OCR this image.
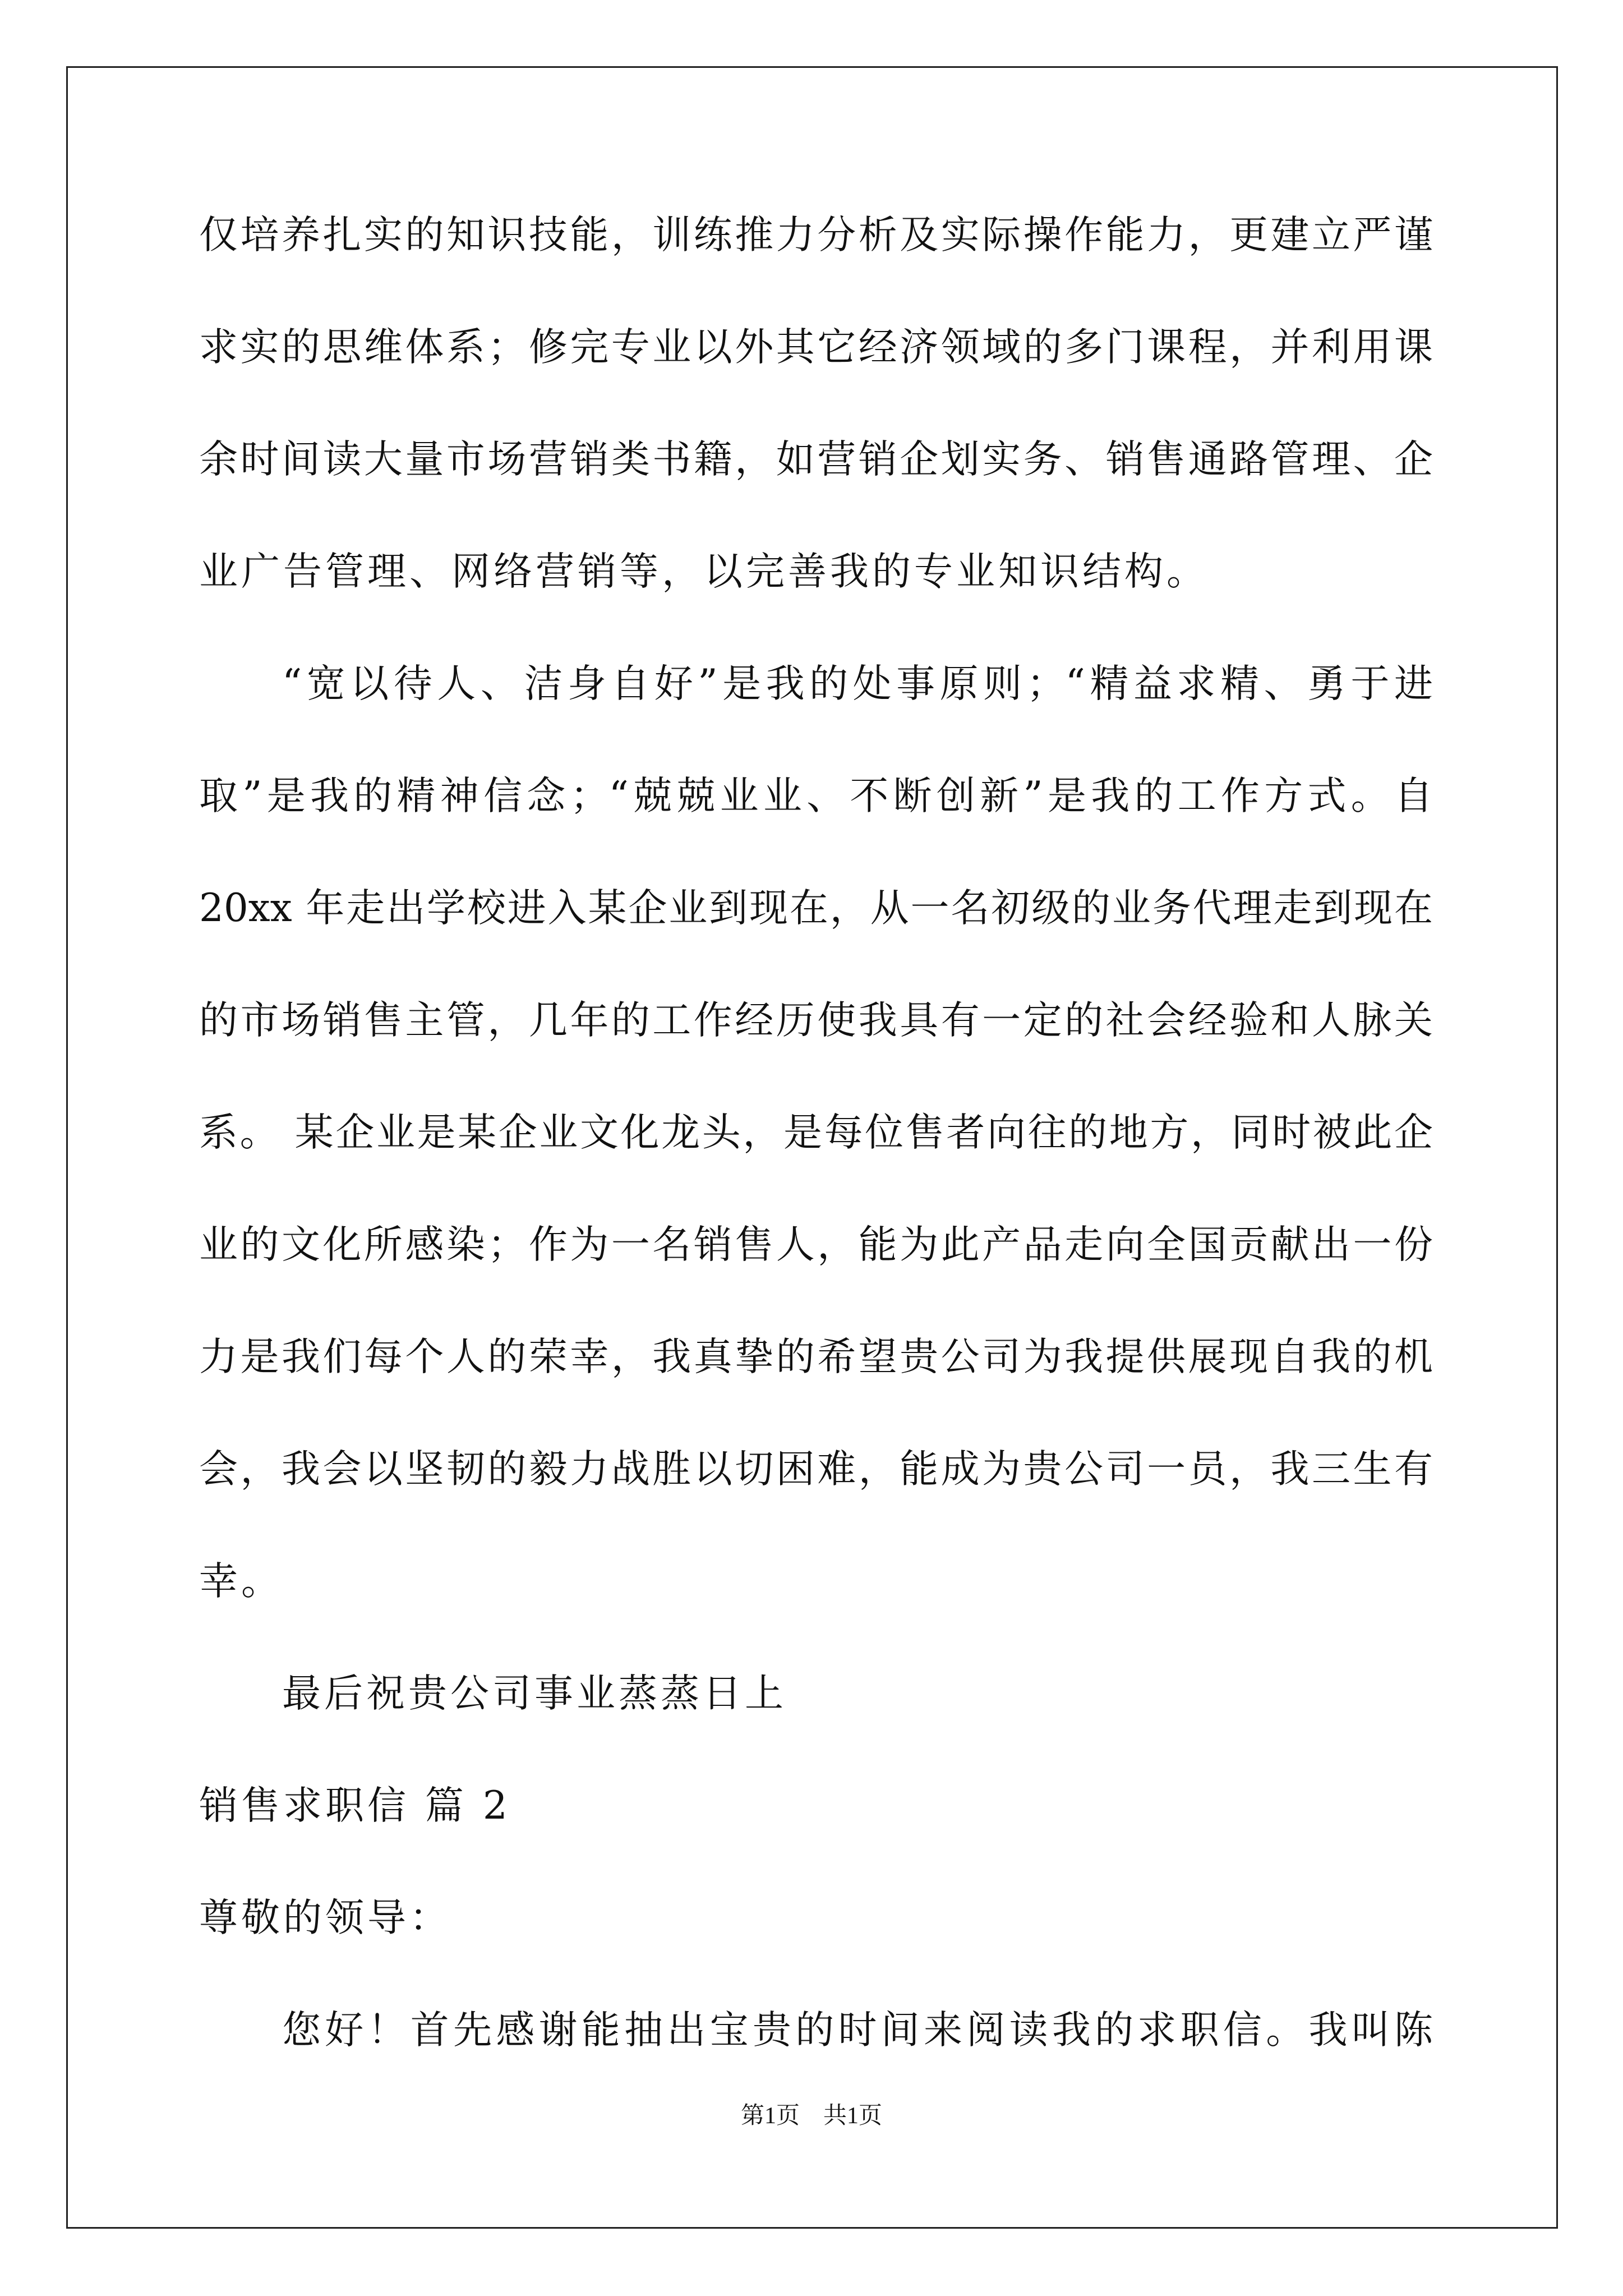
仅培养扎实的知识技能，训练推力分析及实际操作能力，更建立严谨
求实的思维体系；修完专业以外其它经济领域的多门课程，并利用课
余时间读大量市场营销类书籍，如营销企划实务、销售通路管理、企
业广告管理、网络营销等，以完善我的专业知识结构。
“宽以待人、洁身自好”是我的处事原则；“精益求精、勇于进
取”是我的精神信念；“兢兢业业、不断创新”是我的工作方式。自
20xx 年走出学校进入某企业到现在，从一名初级的业务代理走到现在
的市场销售主管，几年的工作经历使我具有一定的社会经验和人脉关
系。 某企业是某企业文化龙头，是每位售者向往的地方，同时被此企
业的文化所感染；作为一名销售人，能为此产品走向全国贡献出一份
力是我们每个人的荣幸，我真挚的希望贵公司为我提供展现自我的机
会，我会以坚韧的毅力战胜以切困难，能成为贵公司一员，我三生有
幸。
最后祝贵公司事业蒸蒸日上
销售求职信 篇 2
尊敬的领导：
您好！首先感谢能抽出宝贵的时间来阅读我的求职信。我叫陈
第1页　共1页
